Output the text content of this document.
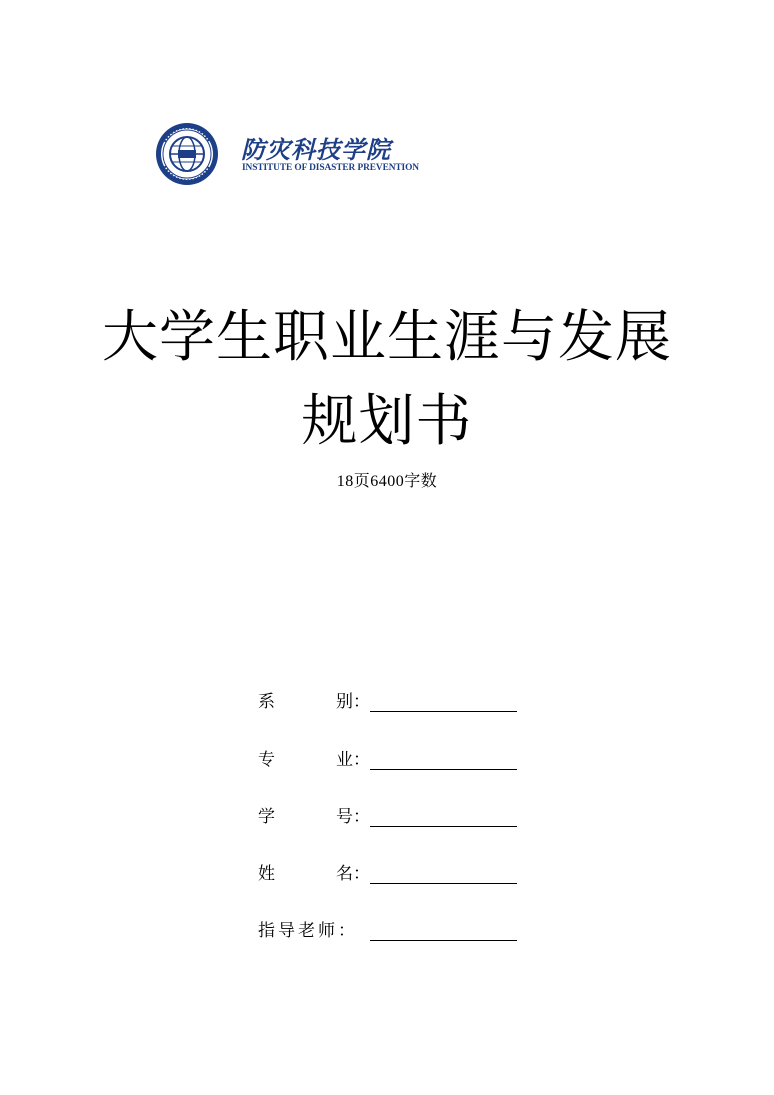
防灾科技学院
INSTITUTE OF DISASTER PREVENTION
大学生职业生涯与发展
规划书
18页6400字数
系	别：
专	业：
学	号：
姓	名：
指导老师：
